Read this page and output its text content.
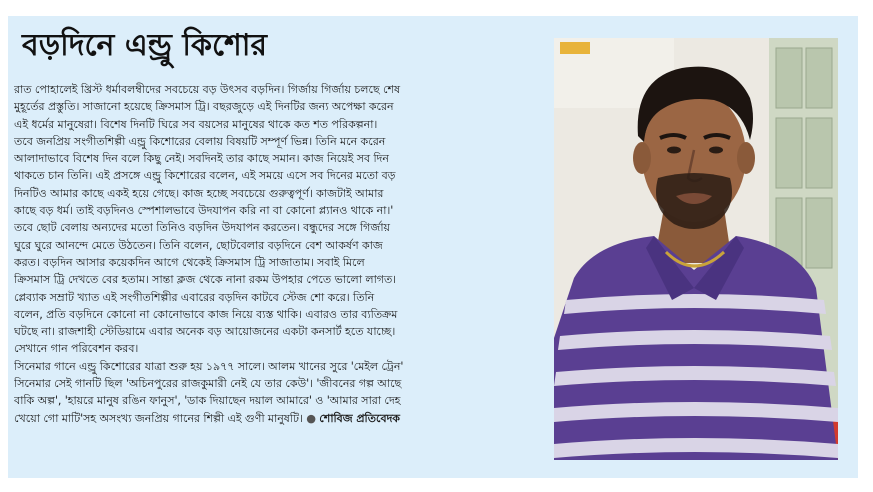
বড়দিনে এন্ড্রু কিশোর
রাত পোহালেই খ্রিস্ট ধর্মাবলম্বীদের সবচেয়ে বড় উৎসব বড়দিন। গির্জায় গির্জায় চলছে শেষ
মুহূর্তের প্রস্তুতি। সাজানো হয়েছে ক্রিসমাস ট্রি। বছরজুড়ে এই দিনটির জন্য অপেক্ষা করেন
এই ধর্মের মানুষেরা। বিশেষ দিনটি ঘিরে সব বয়সের মানুষের থাকে কত শত পরিকল্পনা।
তবে জনপ্রিয় সংগীতশিল্পী এন্ড্রু কিশোরের বেলায় বিষয়টি সম্পূর্ণ ভিন্ন। তিনি মনে করেন
আলাদাভাবে বিশেষ দিন বলে কিছু নেই। সবদিনই তার কাছে সমান। কাজ নিয়েই সব দিন
থাকতে চান তিনি। এই প্রসঙ্গে এন্ড্রু কিশোরের বলেন, এই সময়ে এসে সব দিনের মতো বড়
দিনটিও আমার কাছে একই হয়ে গেছে। কাজ হচ্ছে সবচেয়ে গুরুত্বপূর্ণ। কাজটাই আমার
কাছে বড় ধর্ম। তাই বড়দিনও স্পেশালভাবে উদযাপন করি না বা কোনো প্ল্যানও থাকে না।'
তবে ছোট বেলায় অন্যদের মতো তিনিও বড়দিন উদযাপন করতেন। বন্ধুদের সঙ্গে গির্জায়
ঘুরে ঘুরে আনন্দে মেতে উঠতেন। তিনি বলেন, ছোটবেলার বড়দিনে বেশ আকর্ষণ কাজ
করত। বড়দিন আসার কয়েকদিন আগে থেকেই ক্রিসমাস ট্রি সাজাতাম। সবাই মিলে
ক্রিসমাস ট্রি দেখতে বের হতাম। সান্তা ক্লজ থেকে নানা রকম উপহার পেতে ভালো লাগত।
প্লেব্যাক সম্রাট খ্যাত এই সংগীতশিল্পীর এবারের বড়দিন কাটবে স্টেজ শো করে। তিনি
বলেন, প্রতি বড়দিনে কোনো না কোনোভাবে কাজ নিয়ে ব্যস্ত থাকি। এবারও তার ব্যতিক্রম
ঘটছে না। রাজশাহী স্টেডিয়ামে এবার অনেক বড় আয়োজনের একটা কনসার্ট হতে যাচ্ছে।
সেখানে গান পরিবেশন করব।
সিনেমার গানে এন্ড্রু কিশোরের যাত্রা শুরু হয় ১৯৭৭ সালে। আলম খানের সুরে 'মেইল ট্রেন'
সিনেমার সেই গানটি ছিল 'অচিনপুরের রাজকুমারী নেই যে তার কেউ'। 'জীবনের গল্প আছে
বাকি অল্প', 'হায়রে মানুষ রঙিন ফানুস', 'ডাক দিয়াছেন দয়াল আমারে' ও 'আমার সারা দেহ
খেয়ো গো মাটি'সহ অসংখ্য জনপ্রিয় গানের শিল্পী এই গুণী মানুষটি। ● শোবিজ প্রতিবেদক
